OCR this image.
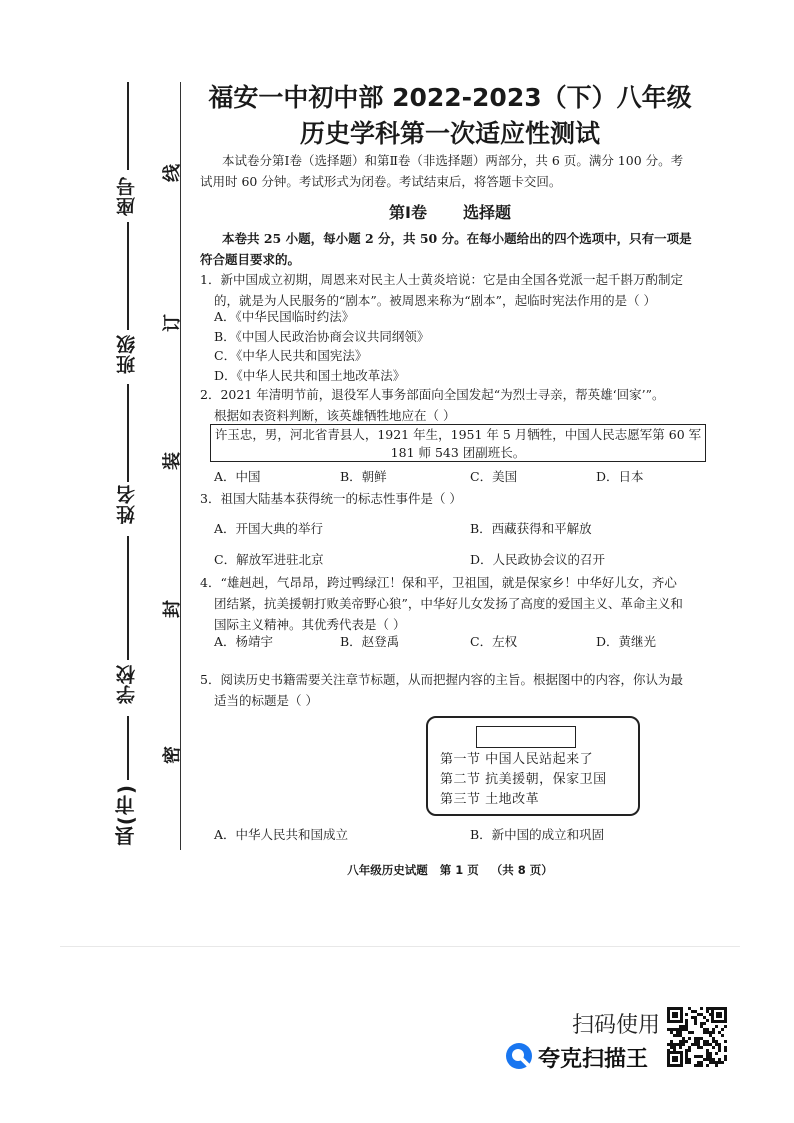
座号
班级
姓名
学校
县(市)
线
订
装
封
密
福安一中初中部 2022-2023（下）八年级
历史学科第一次适应性测试
本试卷分第Ⅰ卷（选择题）和第Ⅱ卷（非选择题）两部分，共 6 页。满分 100 分。考
试用时 60 分钟。考试形式为闭卷。考试结束后，将答题卡交回。
第Ⅰ卷 选择题
本卷共 25 小题，每小题 2 分，共 50 分。在每小题给出的四个选项中，只有一项是
符合题目要求的。
1．新中国成立初期，周恩来对民主人士黄炎培说：它是由全国各党派一起千斟万酌制定
的，就是为人民服务的“剧本”。被周恩来称为“剧本”，起临时宪法作用的是（ ）
A．《中华民国临时约法》
B．《中国人民政治协商会议共同纲领》
C．《中华人民共和国宪法》
D．《中华人民共和国土地改革法》
2．2021 年清明节前，退役军人事务部面向全国发起“为烈士寻亲，帮英雄‘回家’”。
根据如表资料判断，该英雄牺牲地应在（ ）
许玉忠，男，河北省青县人，1921 年生，1951 年 5 月牺牲，中国人民志愿军第 60 军
181 师 543 团副班长。
A．中国	B．朝鲜	C．美国	D．日本
3．祖国大陆基本获得统一的标志性事件是（ ）
A．开国大典的举行	B．西藏获得和平解放
C．解放军进驻北京	D．人民政协会议的召开
4．“雄赳赳，气昂昂，跨过鸭绿江！保和平，卫祖国，就是保家乡！中华好儿女，齐心
团结紧，抗美援朝打败美帝野心狼”，中华好儿女发扬了高度的爱国主义、革命主义和
国际主义精神。其优秀代表是（ ）
A．杨靖宇	B．赵登禹	C．左权	D．黄继光
5．阅读历史书籍需要关注章节标题，从而把握内容的主旨。根据图中的内容，你认为最
适当的标题是（ ）
第一节 中国人民站起来了
第二节 抗美援朝，保家卫国
第三节 土地改革
A．中华人民共和国成立	B．新中国的成立和巩固
八年级历史试题 第 1 页 （共 8 页）
扫码使用
夸克扫描王
